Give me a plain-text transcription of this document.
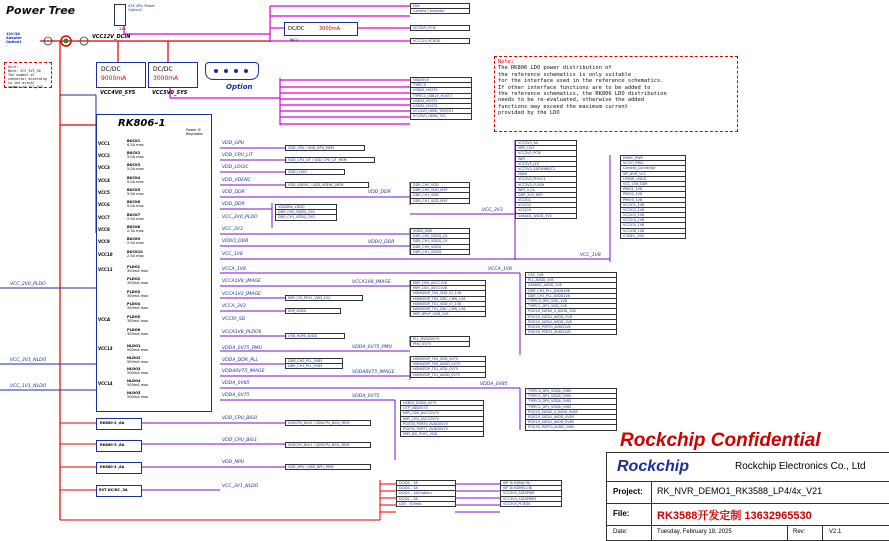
Power Tree
12V/3A Adapter Option1
ATX 4Pin Power Option2
12V
VCC12V_DCIN
DC/DC	3000mA
FAN
Camera Connector
VCC5V0_PCIE
VCC12V_PCIE30
MCU
Note:
Note: VCC_3V3_S0 The number of connector according to the actual number of VCC_3V3
DC/DC
9000mA
DC/DC
3000mA
VCC4V0_SYS	VCC5V0_SYS
Option
VBUS5V0
TYPEC0
USB20_HOST0
TYPEC1_USB20_HOST1
USB20_HOST2
USB30_HOST2
VCC5V0_HDMI_TX0/TX1
VCC5V0_HDMI_TX3
Note:
The RK806 LDO power distribution of
the reference schematics is only suitable
for the interface used in the reference schematics.
If other interface functions are to be added to
the reference schematics, the RK806 LDO distribution
needs to be re-evaluated, otherwise the added
functions may exceed the maximum current
provided by the LDO
RK806-1
Power IC Regulator
VCC1	BUCK1
6.5A max
VCC2	BUCK2
5.0A max
VCC3	BUCK3
5.0A max
VCC4	BUCK4
5.0A max
VCC5	BUCK5
5.0A max
VCC6	BUCK6
5.0A max
VCC7	BUCK7
2.5A max
VCC8	BUCK8
2.5A max
VCC9	BUCK9
2.5A max
VCC10	BUCK10
2.5A max
VCC11	PLDO1
300mA max
PLDO2
300mA max
PLDO3
300mA max
PLDO4
300mA max
VCCA	PLDO5
300mA max
PLDO6
300mA max
VCC13	NLDO1
500mA max
NLDO2
500mA max
NLDO3
500mA max
VCC14	NLDO4
500mA max
NLDO5
500mA max
VDD_GPU
VDD_CPU_LIT
VDD_LOGIC
VDD_VDENC
VDD_DDR
VDD_DDR
VCC_2V0_PLDO
VCC_3V3
VDDQ_DDR
VCC_1V8
VCCA_1V8
VCCA1V8_IMAGE
VCCA1V2_IMAGE
VCCA_3V3
VCCIO_SD
VCCA1V8_PLDO6
VDDA_0V75_PMU
VDDA_DDR_PLL
VDDA0V75_IMAGE
VDDA_0V85
VDDA_0V75
VCC_2V0_PLDO
VCC_3V1_NLDO
VCC_1V1_NLDO
VDD_GPU / VDD_GPU_MEM
VDD_CPU_LIT / VDD_CPU_LIT_MEM
VDD_LOGIC
VDD_VDENC / VDD_VDENC_MEM
VDD_DDR
VDDDRA_VDDQ
DDR_CH0_VDDQ_CK0
DDR_CH1_VDDQ_CK0
DDR_CH0_VDD
DDR_CH0_VDD_M1P
DDR_CH1_VDD
DDR_CH1_VDD_M1P
VCC_3V3
VDDQ_DDR
VDDQ_DDR
DDR_CH0_VDDQ_CK
DDR_CH1_VDDQ_CK
DDR_CH0_VDDQ
DDR_CH1_VDDQ
VCC_1V8
VCC3V3_SD
MIPI_CSI3
VCC3V3_PCIE
WIFI
VCC3V3_LTE
VCC3V3_SATAPWR/C1
HDMI
VCC3V3_PHY/C1
VCC3V3_FLASH
WIFI_V_CL
DDR_2V5_MIPI
VCCIO1
VCCIO2
VCCIO3
SARADC_AVDD_3V3
EMMC_PWR
VCCIO_PMIC
Camera_Connector
SPI_NOR_VCC
LPDDR_VDDQ
VCC_1V8_DDR
PMIO1_1V8
PMIO2_1V8
PMIO3_1V8
VCCIO1_1V8
VCCIO2_1V8
VCCIO3_1V8
VCCIO4_1V8
VCCIO5_1V8
VCCIO6_1V8
CODEC_1V8
VCCA1V8_IMAGE	MIPI_CSI0_AVCC1V8
MIPI_CSI1_AVCC1V8
HDMI/EDP_TX0_VDD_IO_1V8
HDMI/EDP_TX0_DDC_CMN_1V8
HDMI/EDP_TX1_VDD_IO_1V8
HDMI/EDP_TX1_DDC_CMN_1V8
MIPI_DPHY_VDD_1V8
MIPI_CSI_PHY1_VDD_1V2
EDP_AVDD
USB_HDMI_AVDD
VCCA_1V8
OSC_1V8
PLL_AVDD_1V8
SARADC_AVDD_1V8
DDR_CH0_PLL_AVDD1V8
DDR_CH1_PLL_AVDD1V8
TYPEC0_DP0_VDD_1V8
TYPEC1_DP1_VDD_1V8
PCIE20_SATA0_2_AVDD_1V8
PCIE20_SATA1_AVDD_1V8
PCIE20_SATA2_AVDD_1V8
PCIE30_PORT0_AVDD1V8
PCIE30_PORT1_AVDD1V8
VDDA_0V75_PMU
PLL_DVDD0V75
PMU_0V75
DDR_CH0_PLL_0V85
DDR_CH1_PLL_0V85
VDDA0V75_IMAGE
HDMI/EDP_TX0_VDD_0V75
HDMI/EDP_TX0_AVDD_0V75
HDMI/EDP_TX1_VDD_0V75
HDMI/EDP_TX1_AVDD_0V75
VDDA_0V85
TYPEC0_DP0_VDDA_0V85
TYPEC1_DP1_VDDA_0V85
TYPEC0_DP0_VDDA_0V85
TYPEC1_DP1_VDDA_0V85
PCIE20_SATA0_2_AVDD_0V85
PCIE20_SATA1_AVDD_0V85
PCIE20_SATA2_AVDD_0V85
PCIE30_PORT0_AVDD_0V85
VDDA_0V75
USB20_DVDD_0V75
OTP_VDD0V75
MIPI_CSI0_AVCC0V75
MIPI_CSI1_AVCC0V75
PCIE30_PORT0_AVDD0V75
PCIE30_PORT1_AVDD0V75
MIPI_DSI_PHY1_VDD
RK860-2 ,6A
VDD_CPU_BIG0
VDDCPU_BIG0 / VDDCPU_BIG0_MEM
RK860-3 ,6A
VDD_CPU_BIG1
VDDCPU_BIG1 / VDDCPU_BIG1_MEM
RK860-3 ,6A
VDD_NPU
VDD_NPU / VDD_NPU_MEM
EXT DC/DC ,3A
VCC_3V1_NLDO
DC/DC , 3A
DC/DC , 3A
DC/DC , 3A(Option)
DC/DC , 3A
LDO , 500mA
ISP To HDMI(CN)
ISP To HDMI(LCN)
VCC3V3_SATAPWR
VCC3V3_SATAPWR1
VCC3V3_PCIE30
Rockchip Confidential
Rockchip	Rockchip Electronics Co., Ltd
Project: RK_NVR_DEMO1_RK3588_LP4/4x_V21
File:	RK3588开发定制 13632965530
Date:	Tuesday, February 18, 2025	Rev:	V2.1
